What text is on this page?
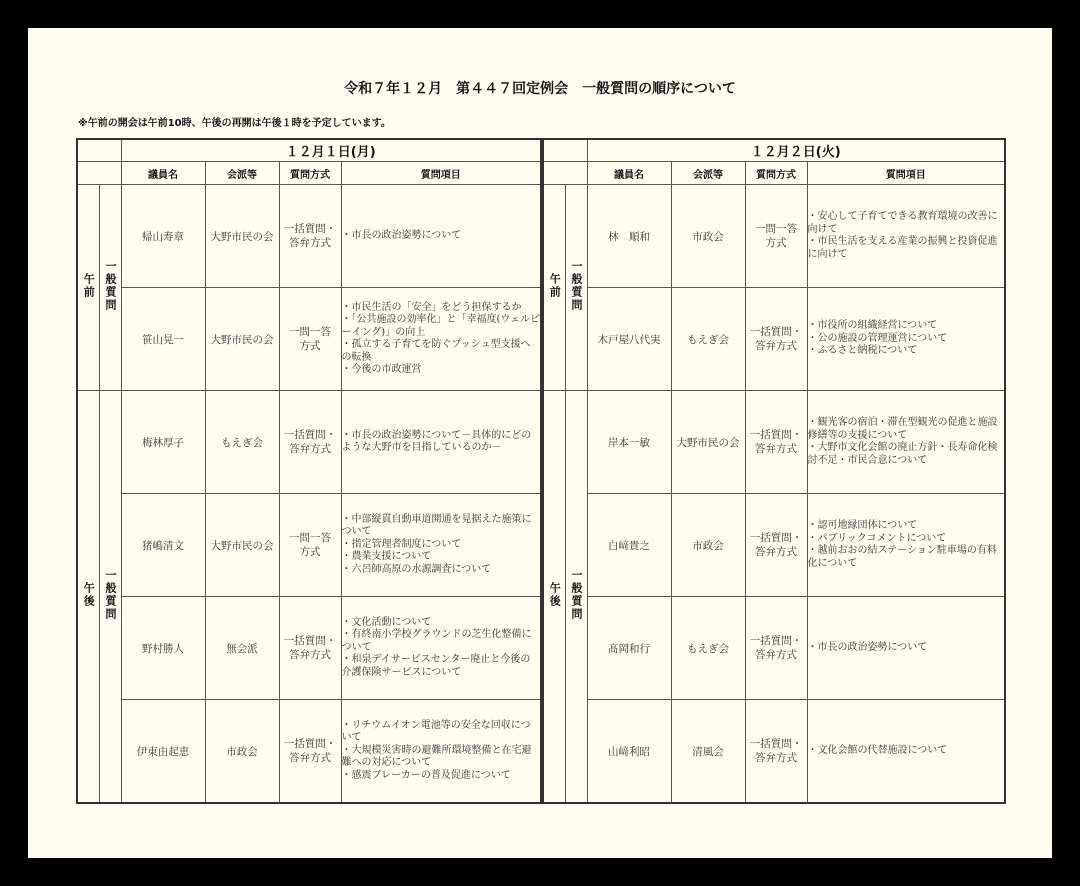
令和７年１２月　第４４７回定例会　一般質問の順序について
※午前の開会は午前10時、午後の再開は午後１時を予定しています。
		１２月１日(月)			
		議員名	会派等	質問方式	質問項目
午前	一般質問	帰山寿章	大野市民の会	一括質問・
答弁方式	・市長の政治姿勢について

		笹山晃一	大野市民の会	一問一答
方式	・市民生活の「安全」をどう担保するか
・「公共施設の効率化」と「幸福度(ウェルビーイング)」の向上
・孤立する子育てを防ぐプッシュ型支援への転換
・今後の市政運営

午後	一般質問	梅林厚子	もえぎ会	一括質問・
答弁方式	・市長の政治姿勢について－具体的にどのような大野市を目指しているのか－

		猪嶋清文	大野市民の会	一問一答
方式	・中部縦貫自動車道開通を見据えた施策について
・指定管理者制度について
・農業支援について
・六呂師高原の水源調査について

		野村勝人	無会派	一括質問・
答弁方式	・文化活動について
・有終南小学校グラウンドの芝生化整備について
・和泉デイサービスセンター廃止と今後の介護保険サービスについて

		伊東由起恵	市政会	一括質問・
答弁方式	・リチウムイオン電池等の安全な回収について
・大規模災害時の避難所環境整備と在宅避難への対応について
・感震ブレーカーの普及促進について
		１２月２日(火)			
		議員名	会派等	質問方式	質問項目
午前	一般質問	林　順和	市政会	一問一答
方式	・安心して子育てできる教育環境の改善に向けて
・市民生活を支える産業の振興と投資促進に向けて

		木戸屋八代実	もえぎ会	一括質問・
答弁方式	・市役所の組織経営について
・公の施設の管理運営について
・ふるさと納税について

午後	一般質問	岸本一敏	大野市民の会	一括質問・
答弁方式	・観光客の宿泊・滞在型観光の促進と施設修繕等の支援について
・大野市文化会館の廃止方針・長寿命化検討不足・市民合意について

		白﨑貴之	市政会	一括質問・
答弁方式	・認可地縁団体について
・パブリックコメントについて
・越前おおの結ステーション駐車場の有料化について

		髙岡和行	もえぎ会	一括質問・
答弁方式	・市長の政治姿勢について

		山﨑利昭	清風会	一括質問・
答弁方式	・文化会館の代替施設について
